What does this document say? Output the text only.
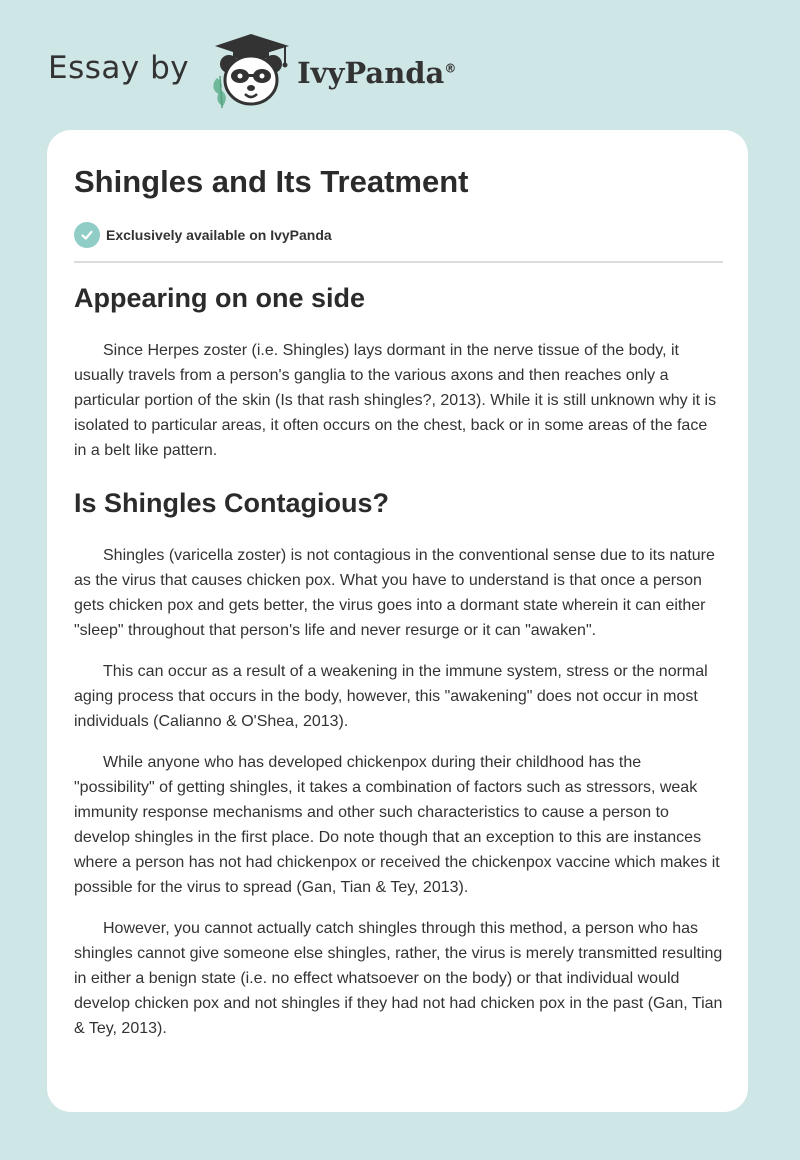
Essay by	IvyPanda®
Shingles and Its Treatment
Exclusively available on IvyPanda
Appearing on one side

Since Herpes zoster (i.e. Shingles) lays dormant in the nerve tissue of the body, it usually travels from a person's ganglia to the various axons and then reaches only a particular portion of the skin (Is that rash shingles?, 2013). While it is still unknown why it is isolated to particular areas, it often occurs on the chest, back or in some areas of the face in a belt like pattern.

Is Shingles Contagious?

Shingles (varicella zoster) is not contagious in the conventional sense due to its nature as the virus that causes chicken pox. What you have to understand is that once a person gets chicken pox and gets better, the virus goes into a dormant state wherein it can either "sleep" throughout that person's life and never resurge or it can "awaken".

This can occur as a result of a weakening in the immune system, stress or the normal aging process that occurs in the body, however, this "awakening" does not occur in most individuals (Calianno & O'Shea, 2013).

While anyone who has developed chickenpox during their childhood has the "possibility" of getting shingles, it takes a combination of factors such as stressors, weak immunity response mechanisms and other such characteristics to cause a person to develop shingles in the first place. Do note though that an exception to this are instances where a person has not had chickenpox or received the chickenpox vaccine which makes it possible for the virus to spread (Gan, Tian & Tey, 2013).

However, you cannot actually catch shingles through this method, a person who has shingles cannot give someone else shingles, rather, the virus is merely transmitted resulting in either a benign state (i.e. no effect whatsoever on the body) or that individual would develop chicken pox and not shingles if they had not had chicken pox in the past (Gan, Tian & Tey, 2013).
